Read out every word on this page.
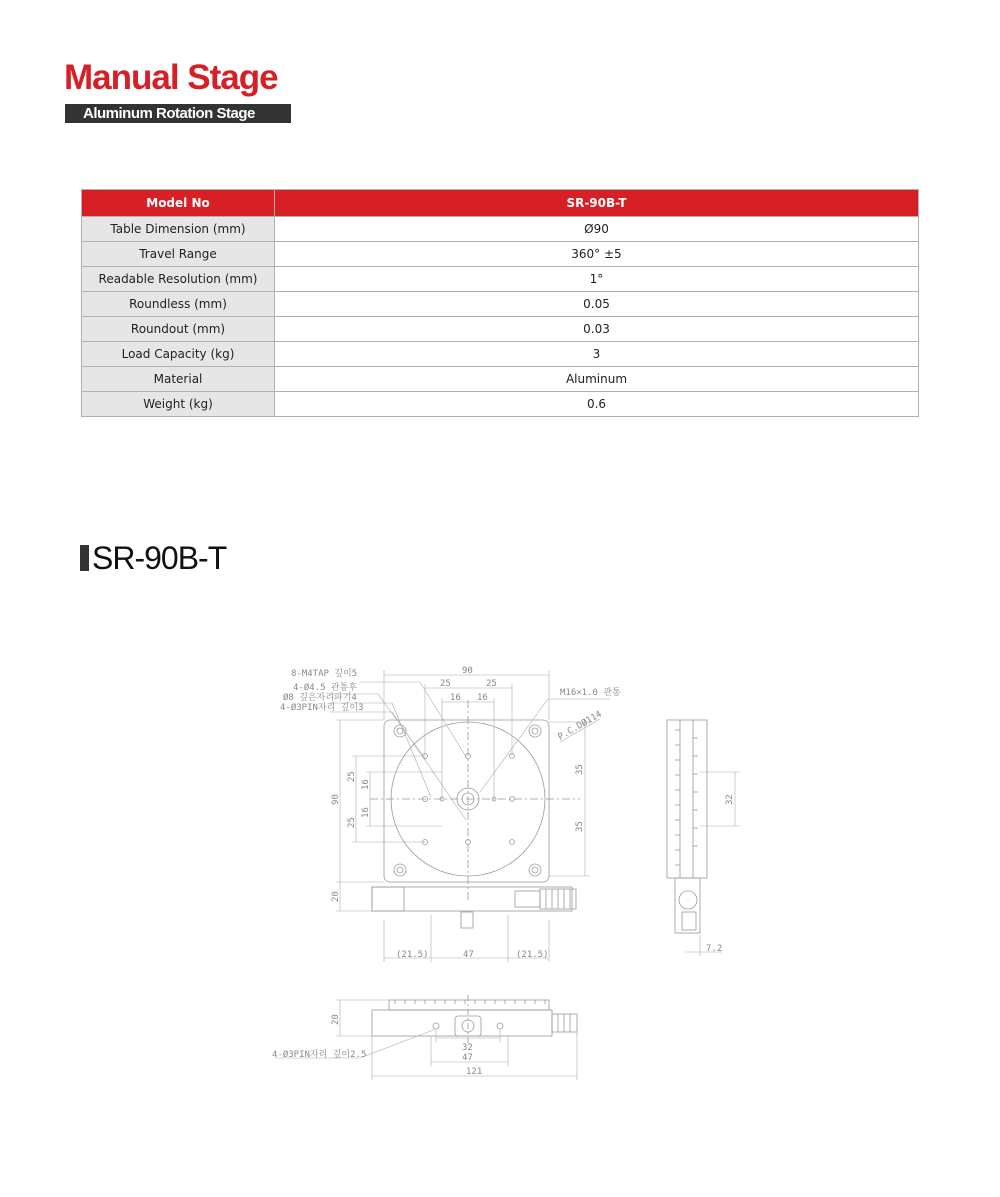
Manual Stage
Aluminum Rotation Stage
Model No	SR-90B-T
Table Dimension (mm)	Ø90
Travel Range	360° ±5
Readable Resolution (mm)	1°
Roundless (mm)	0.05
Roundout (mm)	0.03
Load Capacity (kg)	3
Material	Aluminum
Weight (kg)	0.6
SR-90B-T
8-M4TAP 깊이5
4-Ø4.5 관통후
Ø8 깊은자리파기4
4-Ø3PIN자리 깊이3
M16×1.0 관통
P.C.DØ114
90
25	25
16 16
90
25
16
16
25
35
35
20
(21.5)	47	(21.5)
32
7.2
20
32
47
121
4-Ø3PIN자리 깊이2.5
